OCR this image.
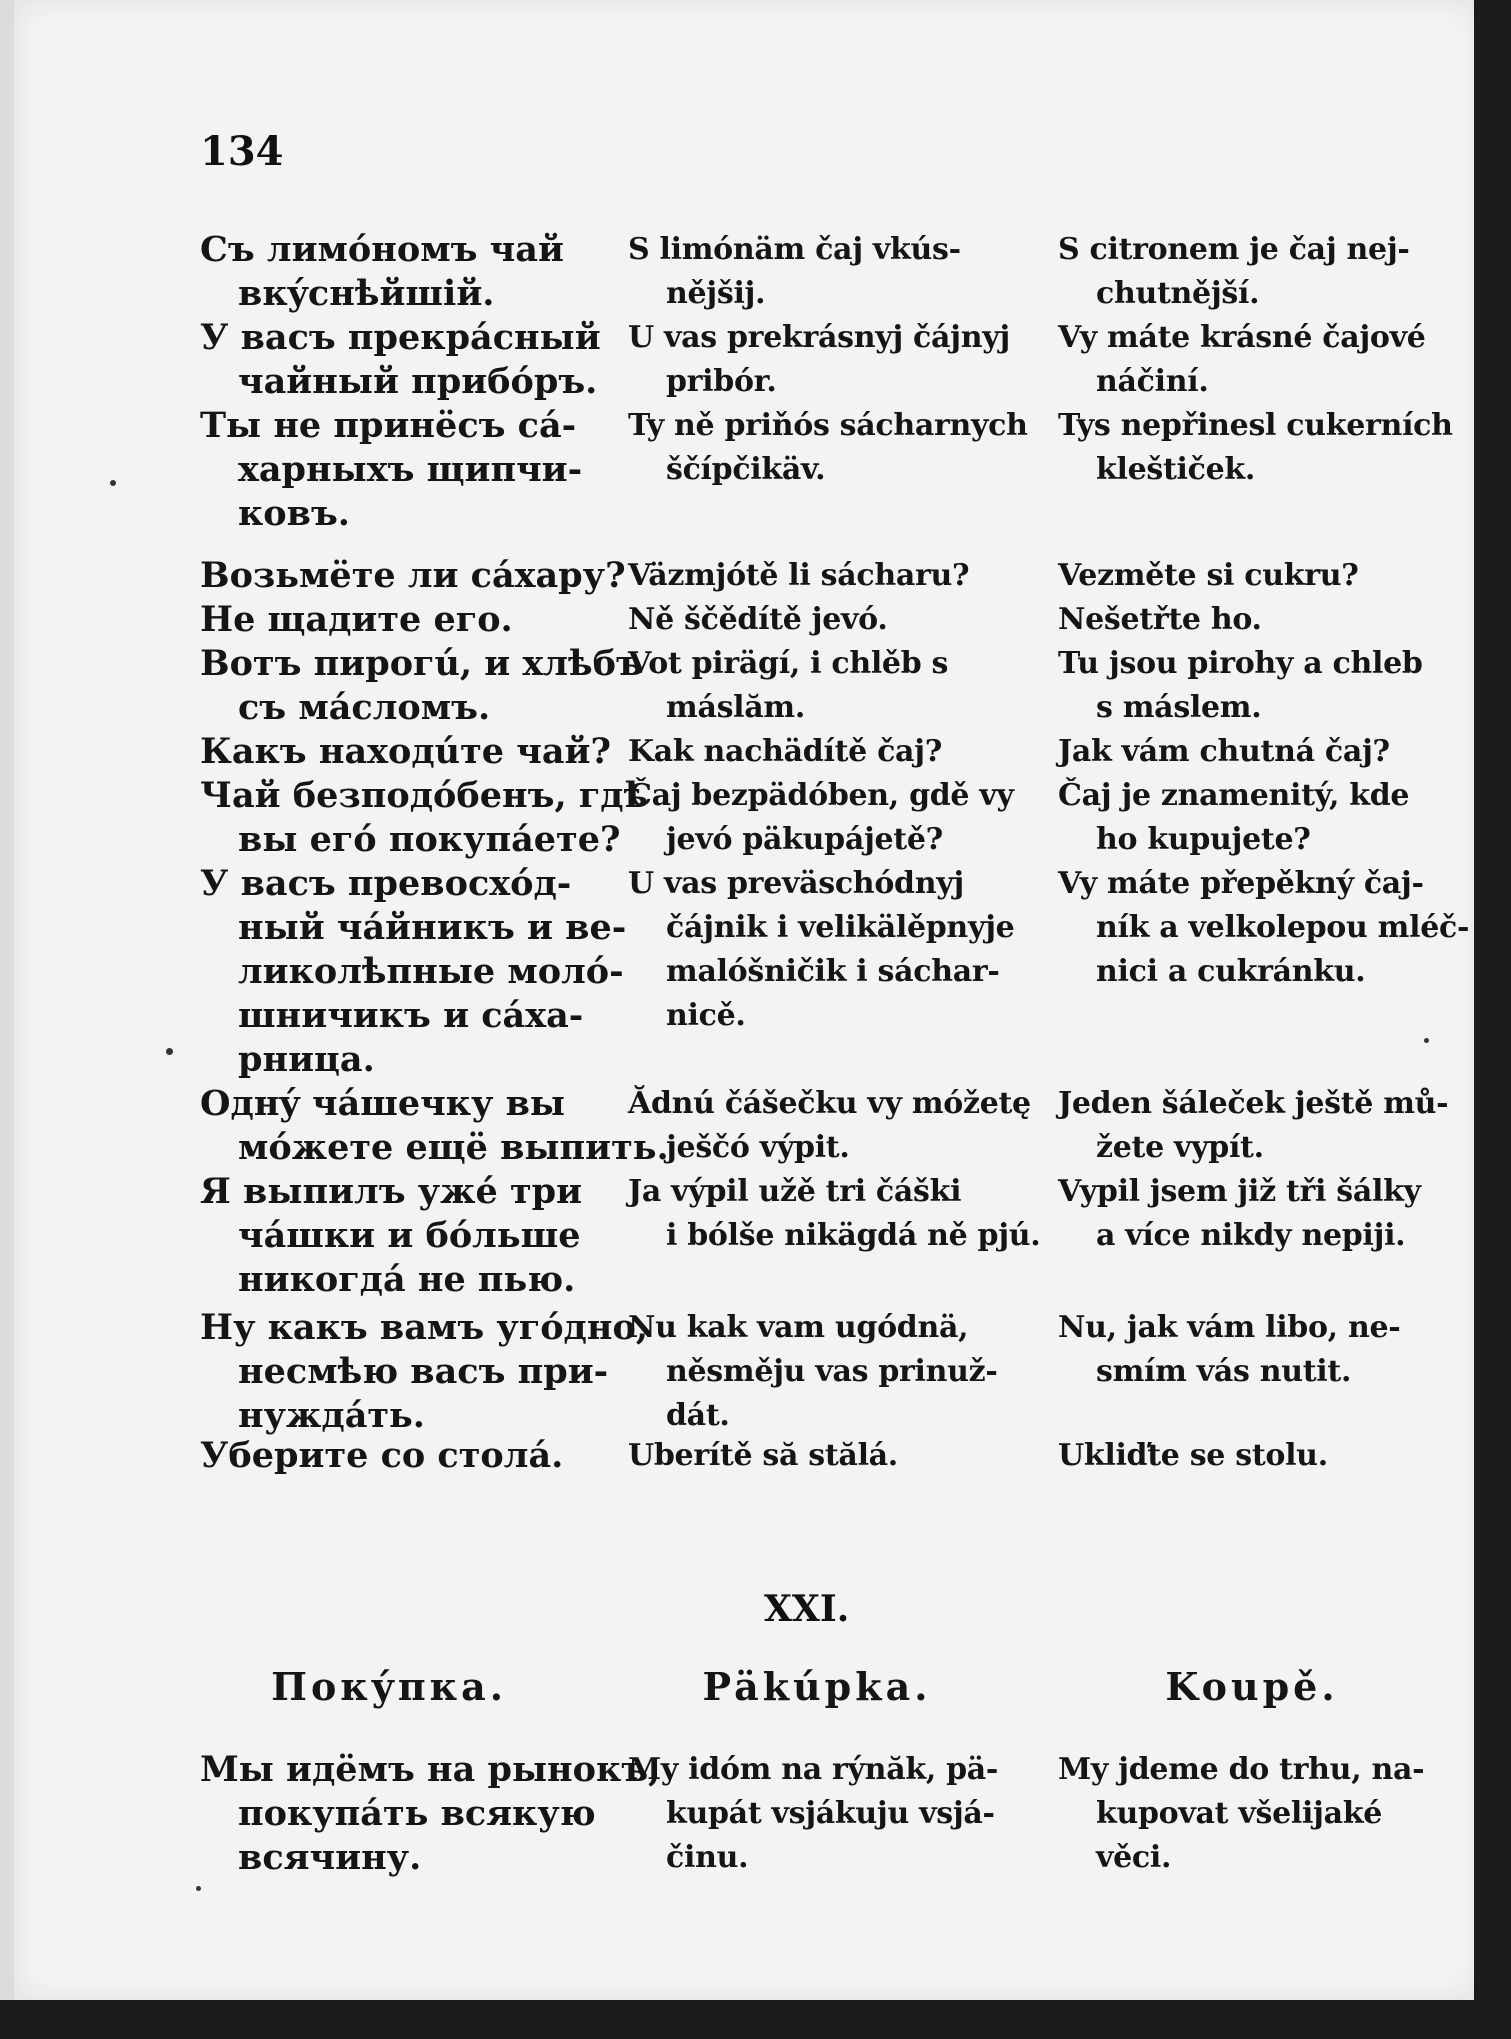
134
Съ лимóномъ чай
вкýснѣйшій.
У васъ прекрáсный
чайный прибóръ.
Ты не принёсъ сá-
харныхъ щипчи-
ковъ.
Возьмёте ли сáхару?
Не щадите его.
Вотъ пирогú, и хлѣбъ
съ мáсломъ.
Какъ находúте чай?
Чай безподóбенъ, гдѣ
вы егó покупáете?
У васъ превосхóд-
ный чáйникъ и ве-
ликолѣпные молó-
шничикъ и сáха-
рница.
Однý чáшечку вы
мóжете ещё выпить.
Я выпилъ ужé три
чáшки и бóльше
никогдá не пью.
Ну какъ вамъ угóдно,
несмѣю васъ при-
нуждáть.
Уберите со столá.
S limónäm čaj vkús-
nějšij.
U vas prekrásnyj čájnyj
pribór.
Ty ně priňós sácharnych
ščípčikäv.
Väzmjótě li sácharu?
Ně ščědítě jevó.
Vot pirägí, i chlěb s
máslăm.
Kak nachädítě čaj?
Čaj bezpädóben, gdě vy
jevó päkupájetě?
U vas preväschódnyj
čájnik i velikälěpnyje
malóšničik i sáchar-
nicě.
Ădnú čášečku vy móžetę
ješčó výpit.
Ja výpil užě tri čáški
i bólše nikägdá ně pjú.
Nu kak vam ugódnä,
něsměju vas prinuž-
dát.
Uberítě să stălá.
S citronem je čaj nej-
chutnější.
Vy máte krásné čajové
náčiní.
Tys nepřinesl cukerních
kleštiček.
Vezměte si cukru?
Nešetřte ho.
Tu jsou pirohy a chleb
s máslem.
Jak vám chutná čaj?
Čaj je znamenitý, kde
ho kupujete?
Vy máte přepěkný čaj-
ník a velkolepou mléč-
nici a cukránku.
Jeden šáleček ještě mů-
žete vypít.
Vypil jsem již tři šálky
a více nikdy nepiji.
Nu, jak vám libo, ne-
smím vás nutit.
Ukliďte se stolu.
XXI.
Покýпка.	Päkúpka.	Koupě.
Мы идёмъ на рынокъ,
покупáть всякую
всячину.
My idóm na rýnăk, pä-
kupát vsjákuju vsjá-
činu.
My jdeme do trhu, na-
kupovat všelijaké
věci.
